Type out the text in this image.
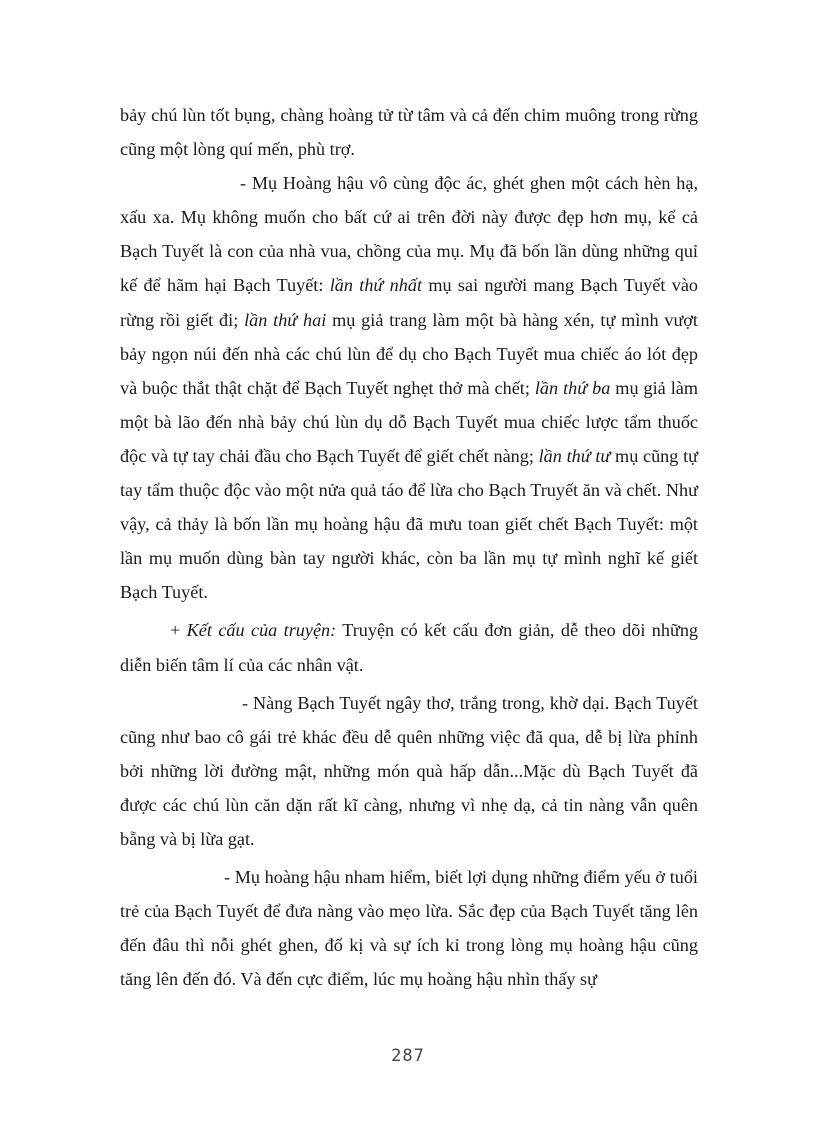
bảy chú lùn tốt bụng, chàng hoàng tử từ tâm và cả đến chim muông trong rừng cũng một lòng quí mến, phù trợ.

- Mụ Hoàng hậu vô cùng độc ác, ghét ghen một cách hèn hạ, xấu xa. Mụ không muốn cho bất cứ ai trên đời này được đẹp hơn mụ, kể cả Bạch Tuyết là con của nhà vua, chồng của mụ. Mụ đã bốn lần dùng những quỉ kế để hãm hại Bạch Tuyết: lần thứ nhất mụ sai người mang Bạch Tuyết vào rừng rồi giết đi; lần thứ hai mụ giả trang làm một bà hàng xén, tự mình vượt bảy ngọn núi đến nhà các chú lùn để dụ cho Bạch Tuyết mua chiếc áo lót đẹp và buộc thắt thật chặt để Bạch Tuyết nghẹt thở mà chết; lần thứ ba mụ giả làm một bà lão đến nhà bảy chú lùn dụ dỗ Bạch Tuyết mua chiếc lược tẩm thuốc độc và tự tay chải đầu cho Bạch Tuyết để giết chết nàng; lần thứ tư mụ cũng tự tay tẩm thuộc độc vào một nửa quả táo để lừa cho Bạch Truyết ăn và chết. Như vậy, cả thảy là bốn lần mụ hoàng hậu đã mưu toan giết chết Bạch Tuyết: một lần mụ muốn dùng bàn tay người khác, còn ba lần mụ tự mình nghĩ kế giết Bạch Tuyết.

+ Kết cấu của truyện: Truyện có kết cấu đơn giản, dễ theo dõi những diễn biến tâm lí của các nhân vật.

- Nàng Bạch Tuyết ngây thơ, trắng trong, khờ dại. Bạch Tuyết cũng như bao cô gái trẻ khác đều dễ quên những việc đã qua, dễ bị lừa phỉnh bởi những lời đường mật, những món quà hấp dẫn...Mặc dù Bạch Tuyết đã được các chú lùn căn dặn rất kĩ càng, nhưng vì nhẹ dạ, cả tin nàng vẫn quên bẵng và bị lừa gạt.

- Mụ hoàng hậu nham hiểm, biết lợi dụng những điểm yếu ở tuổi trẻ của Bạch Tuyết để đưa nàng vào mẹo lừa. Sắc đẹp của Bạch Tuyết tăng lên đến đâu thì nỗi ghét ghen, đố kị và sự ích kỉ trong lòng mụ hoàng hậu cũng tăng lên đến đó. Và đến cực điểm, lúc mụ hoàng hậu nhìn thấy sự

287
